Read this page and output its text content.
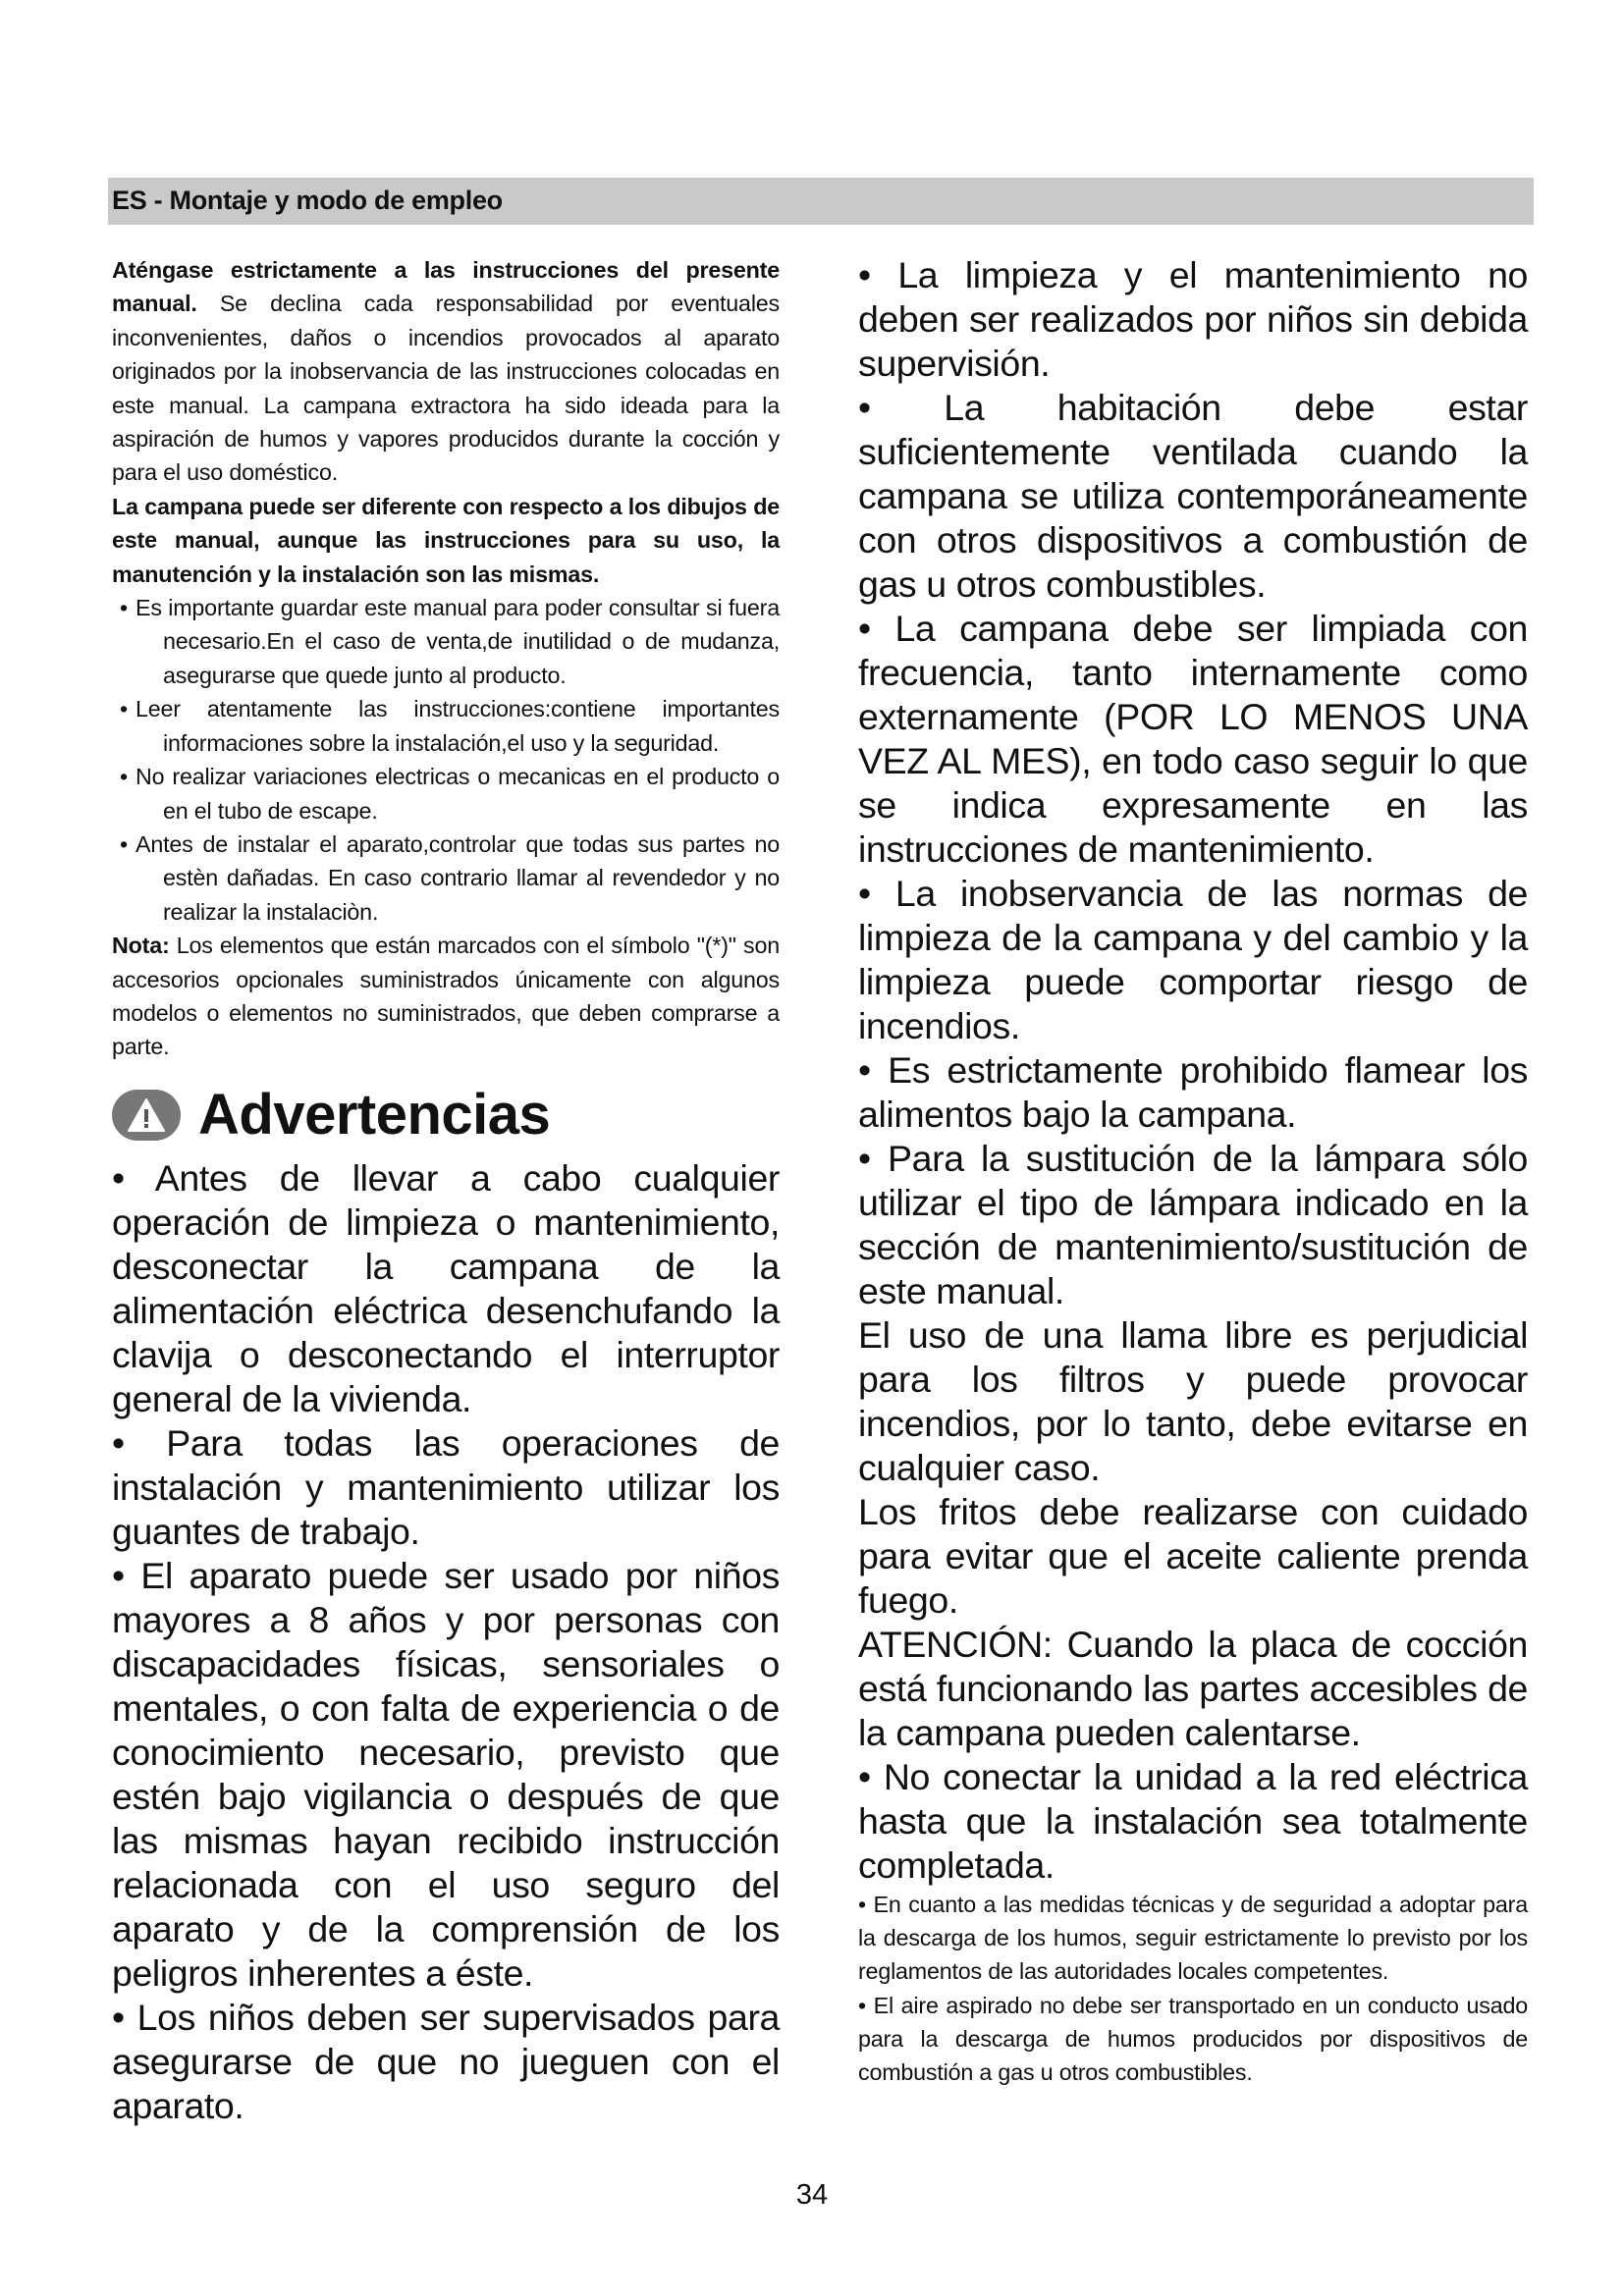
ES - Montaje y modo de empleo

Aténgase estrictamente a las instrucciones del presente manual. Se declina cada responsabilidad por eventuales inconvenientes, daños o incendios provocados al aparato originados por la inobservancia de las instrucciones colocadas en este manual. La campana extractora ha sido ideada para la aspiración de humos y vapores producidos durante la cocción y para el uso doméstico.

La campana puede ser diferente con respecto a los dibujos de este manual, aunque las instrucciones para su uso, la manutención y la instalación son las mismas.

• Es importante guardar este manual para poder consultar si fuera necesario.En el caso de venta,de inutilidad o de mudanza, asegurarse que quede junto al producto.
• Leer atentamente las instrucciones:contiene importantes informaciones sobre la instalación,el uso y la seguridad.
• No realizar variaciones electricas o mecanicas en el producto o en el tubo de escape.
• Antes de instalar el aparato,controlar que todas sus partes no estèn dañadas. En caso contrario llamar al revendedor y no realizar la instalaciòn.

Nota: Los elementos que están marcados con el símbolo "(*)" son accesorios opcionales suministrados únicamente con algunos modelos o elementos no suministrados, que deben comprarse a parte.

Advertencias

• Antes de llevar a cabo cualquier operación de limpieza o mantenimiento, desconectar la campana de la alimentación eléctrica desenchufando la clavija o desconectando el interruptor general de la vivienda.

• Para todas las operaciones de instalación y mantenimiento utilizar los guantes de trabajo.

• El aparato puede ser usado por niños mayores a 8 años y por personas con discapacidades físicas, sensoriales o mentales, o con falta de experiencia o de conocimiento necesario, previsto que estén bajo vigilancia o después de que las mismas hayan recibido instrucción relacionada con el uso seguro del aparato y de la comprensión de los peligros inherentes a éste.

• Los niños deben ser supervisados para asegurarse de que no jueguen con el aparato.

• La limpieza y el mantenimiento no deben ser realizados por niños sin debida supervisión.

• La habitación debe estar suficientemente ventilada cuando la campana se utiliza contemporáneamente con otros dispositivos a combustión de gas u otros combustibles.

• La campana debe ser limpiada con frecuencia, tanto internamente como externamente (POR LO MENOS UNA VEZ AL MES), en todo caso seguir lo que se indica expresamente en las instrucciones de mantenimiento.

• La inobservancia de las normas de limpieza de la campana y del cambio y la limpieza puede comportar riesgo de incendios.

• Es estrictamente prohibido flamear los alimentos bajo la campana.

• Para la sustitución de la lámpara sólo utilizar el tipo de lámpara indicado en la sección de mantenimiento/sustitución de este manual.

El uso de una llama libre es perjudicial para los filtros y puede provocar incendios, por lo tanto, debe evitarse en cualquier caso.

Los fritos debe realizarse con cuidado para evitar que el aceite caliente prenda fuego.

ATENCIÓN: Cuando la placa de cocción está funcionando las partes accesibles de la campana pueden calentarse.

• No conectar la unidad a la red eléctrica hasta que la instalación sea totalmente completada.

• En cuanto a las medidas técnicas y de seguridad a adoptar para la descarga de los humos, seguir estrictamente lo previsto por los reglamentos de las autoridades locales competentes.

• El aire aspirado no debe ser transportado en un conducto usado para la descarga de humos producidos por dispositivos de combustión a gas u otros combustibles.

34
